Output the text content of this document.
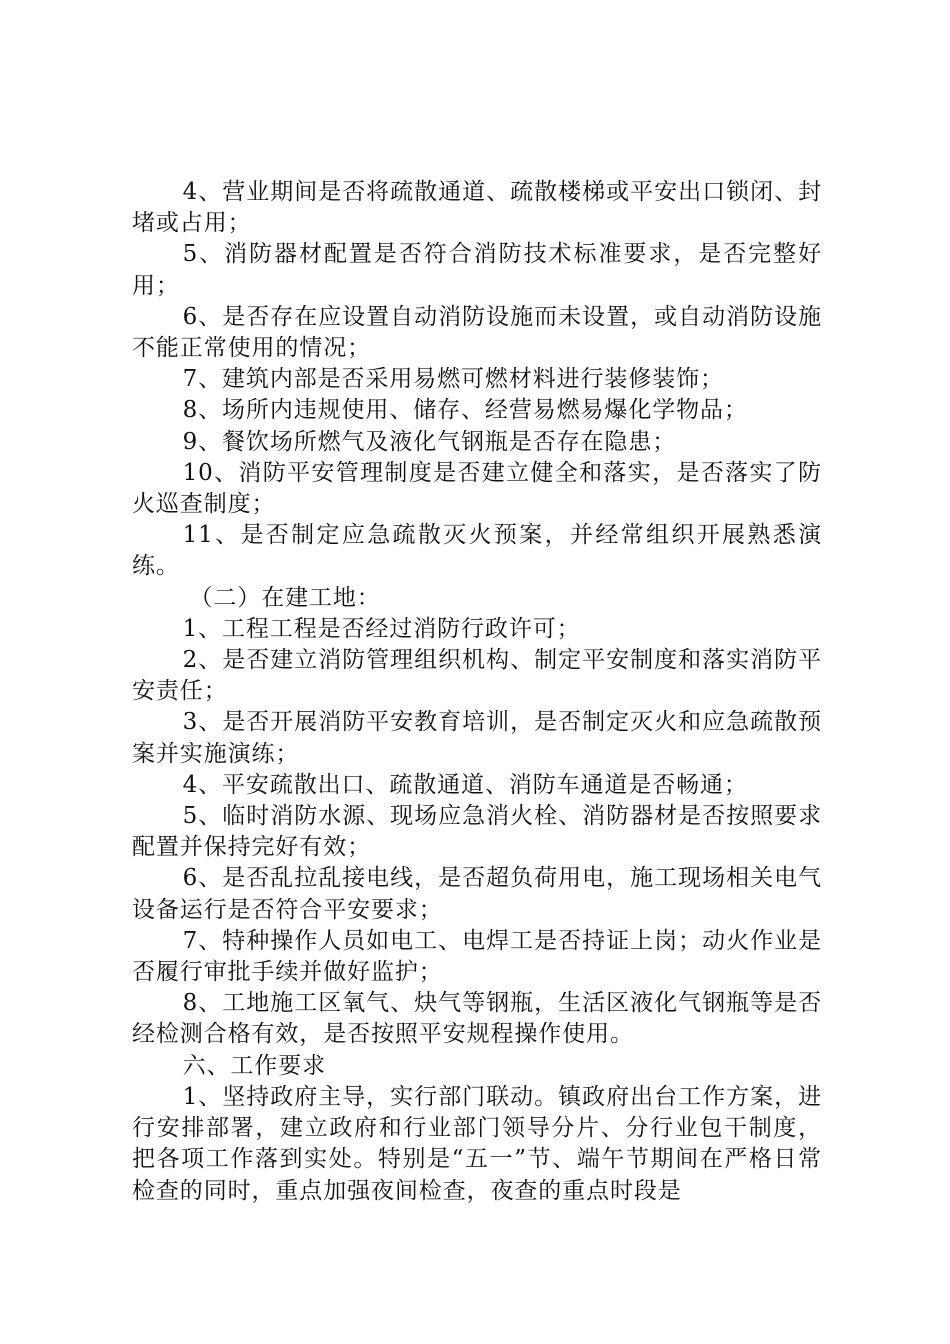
4、营业期间是否将疏散通道、疏散楼梯或平安出口锁闭、封堵或占用；

5、消防器材配置是否符合消防技术标准要求，是否完整好用；

6、是否存在应设置自动消防设施而未设置，或自动消防设施不能正常使用的情况；

7、建筑内部是否采用易燃可燃材料进行装修装饰；

8、场所内违规使用、储存、经营易燃易爆化学物品；

9、餐饮场所燃气及液化气钢瓶是否存在隐患；

10、消防平安管理制度是否建立健全和落实，是否落实了防火巡查制度；

11、是否制定应急疏散灭火预案，并经常组织开展熟悉演练。

（二）在建工地：

1、工程工程是否经过消防行政许可；

2、是否建立消防管理组织机构、制定平安制度和落实消防平安责任；

3、是否开展消防平安教育培训，是否制定灭火和应急疏散预案并实施演练；

4、平安疏散出口、疏散通道、消防车通道是否畅通；

5、临时消防水源、现场应急消火栓、消防器材是否按照要求配置并保持完好有效；

6、是否乱拉乱接电线，是否超负荷用电，施工现场相关电气设备运行是否符合平安要求；

7、特种操作人员如电工、电焊工是否持证上岗；动火作业是否履行审批手续并做好监护；

8、工地施工区氧气、炔气等钢瓶，生活区液化气钢瓶等是否经检测合格有效，是否按照平安规程操作使用。

六、工作要求

1、坚持政府主导，实行部门联动。镇政府出台工作方案，进行安排部署，建立政府和行业部门领导分片、分行业包干制度，把各项工作落到实处。特别是“五一”节、端午节期间在严格日常检查的同时，重点加强夜间检查，夜查的重点时段是
